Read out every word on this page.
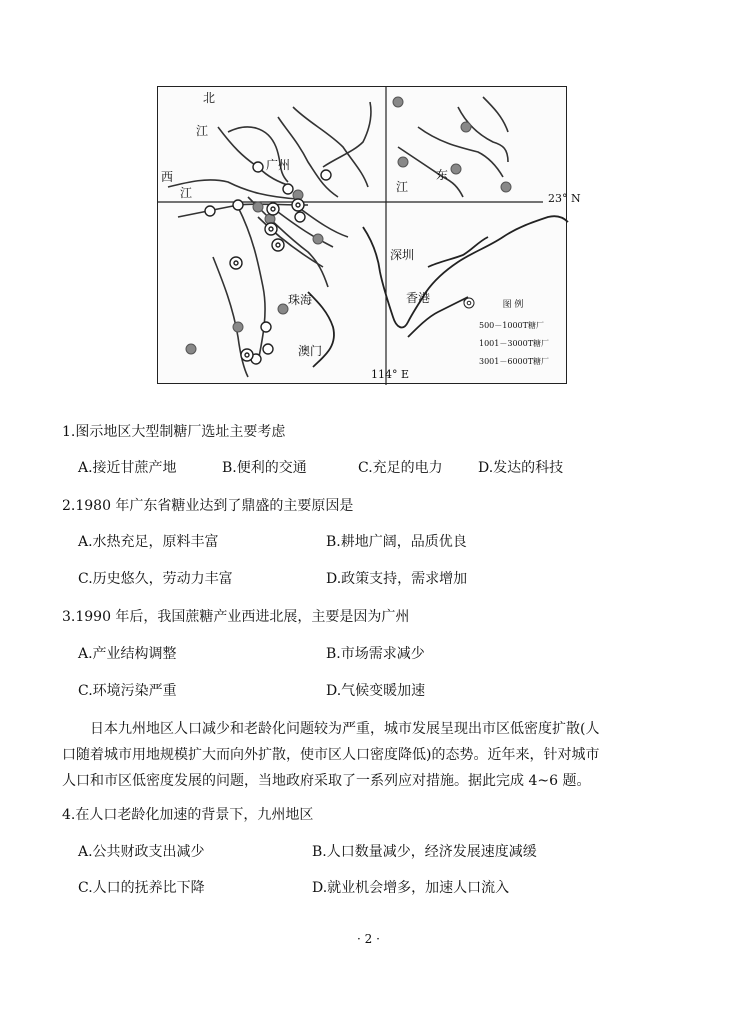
北
江
西
江
广州
江
东
23° N
深圳
香港
珠海
澳门
114° E
图 例
500－1000T糖厂
1001－3000T糖厂
3001－6000T糖厂
1.图示地区大型制糖厂选址主要考虑
A.接近甘蔗产地	B.便利的交通	C.充足的电力	D.发达的科技
2.1980 年广东省糖业达到了鼎盛的主要原因是
A.水热充足，原料丰富	B.耕地广阔，品质优良
C.历史悠久，劳动力丰富	D.政策支持，需求增加
3.1990 年后，我国蔗糖产业西进北展，主要是因为广州
A.产业结构调整	B.市场需求减少
C.环境污染严重	D.气候变暖加速
日本九州地区人口减少和老龄化问题较为严重，城市发展呈现出市区低密度扩散(人
口随着城市用地规模扩大而向外扩散，使市区人口密度降低)的态势。近年来，针对城市
人口和市区低密度发展的问题，当地政府采取了一系列应对措施。据此完成 4~6 题。
4.在人口老龄化加速的背景下，九州地区
A.公共财政支出减少	B.人口数量减少，经济发展速度减缓
C.人口的抚养比下降	D.就业机会增多，加速人口流入
· 2 ·
